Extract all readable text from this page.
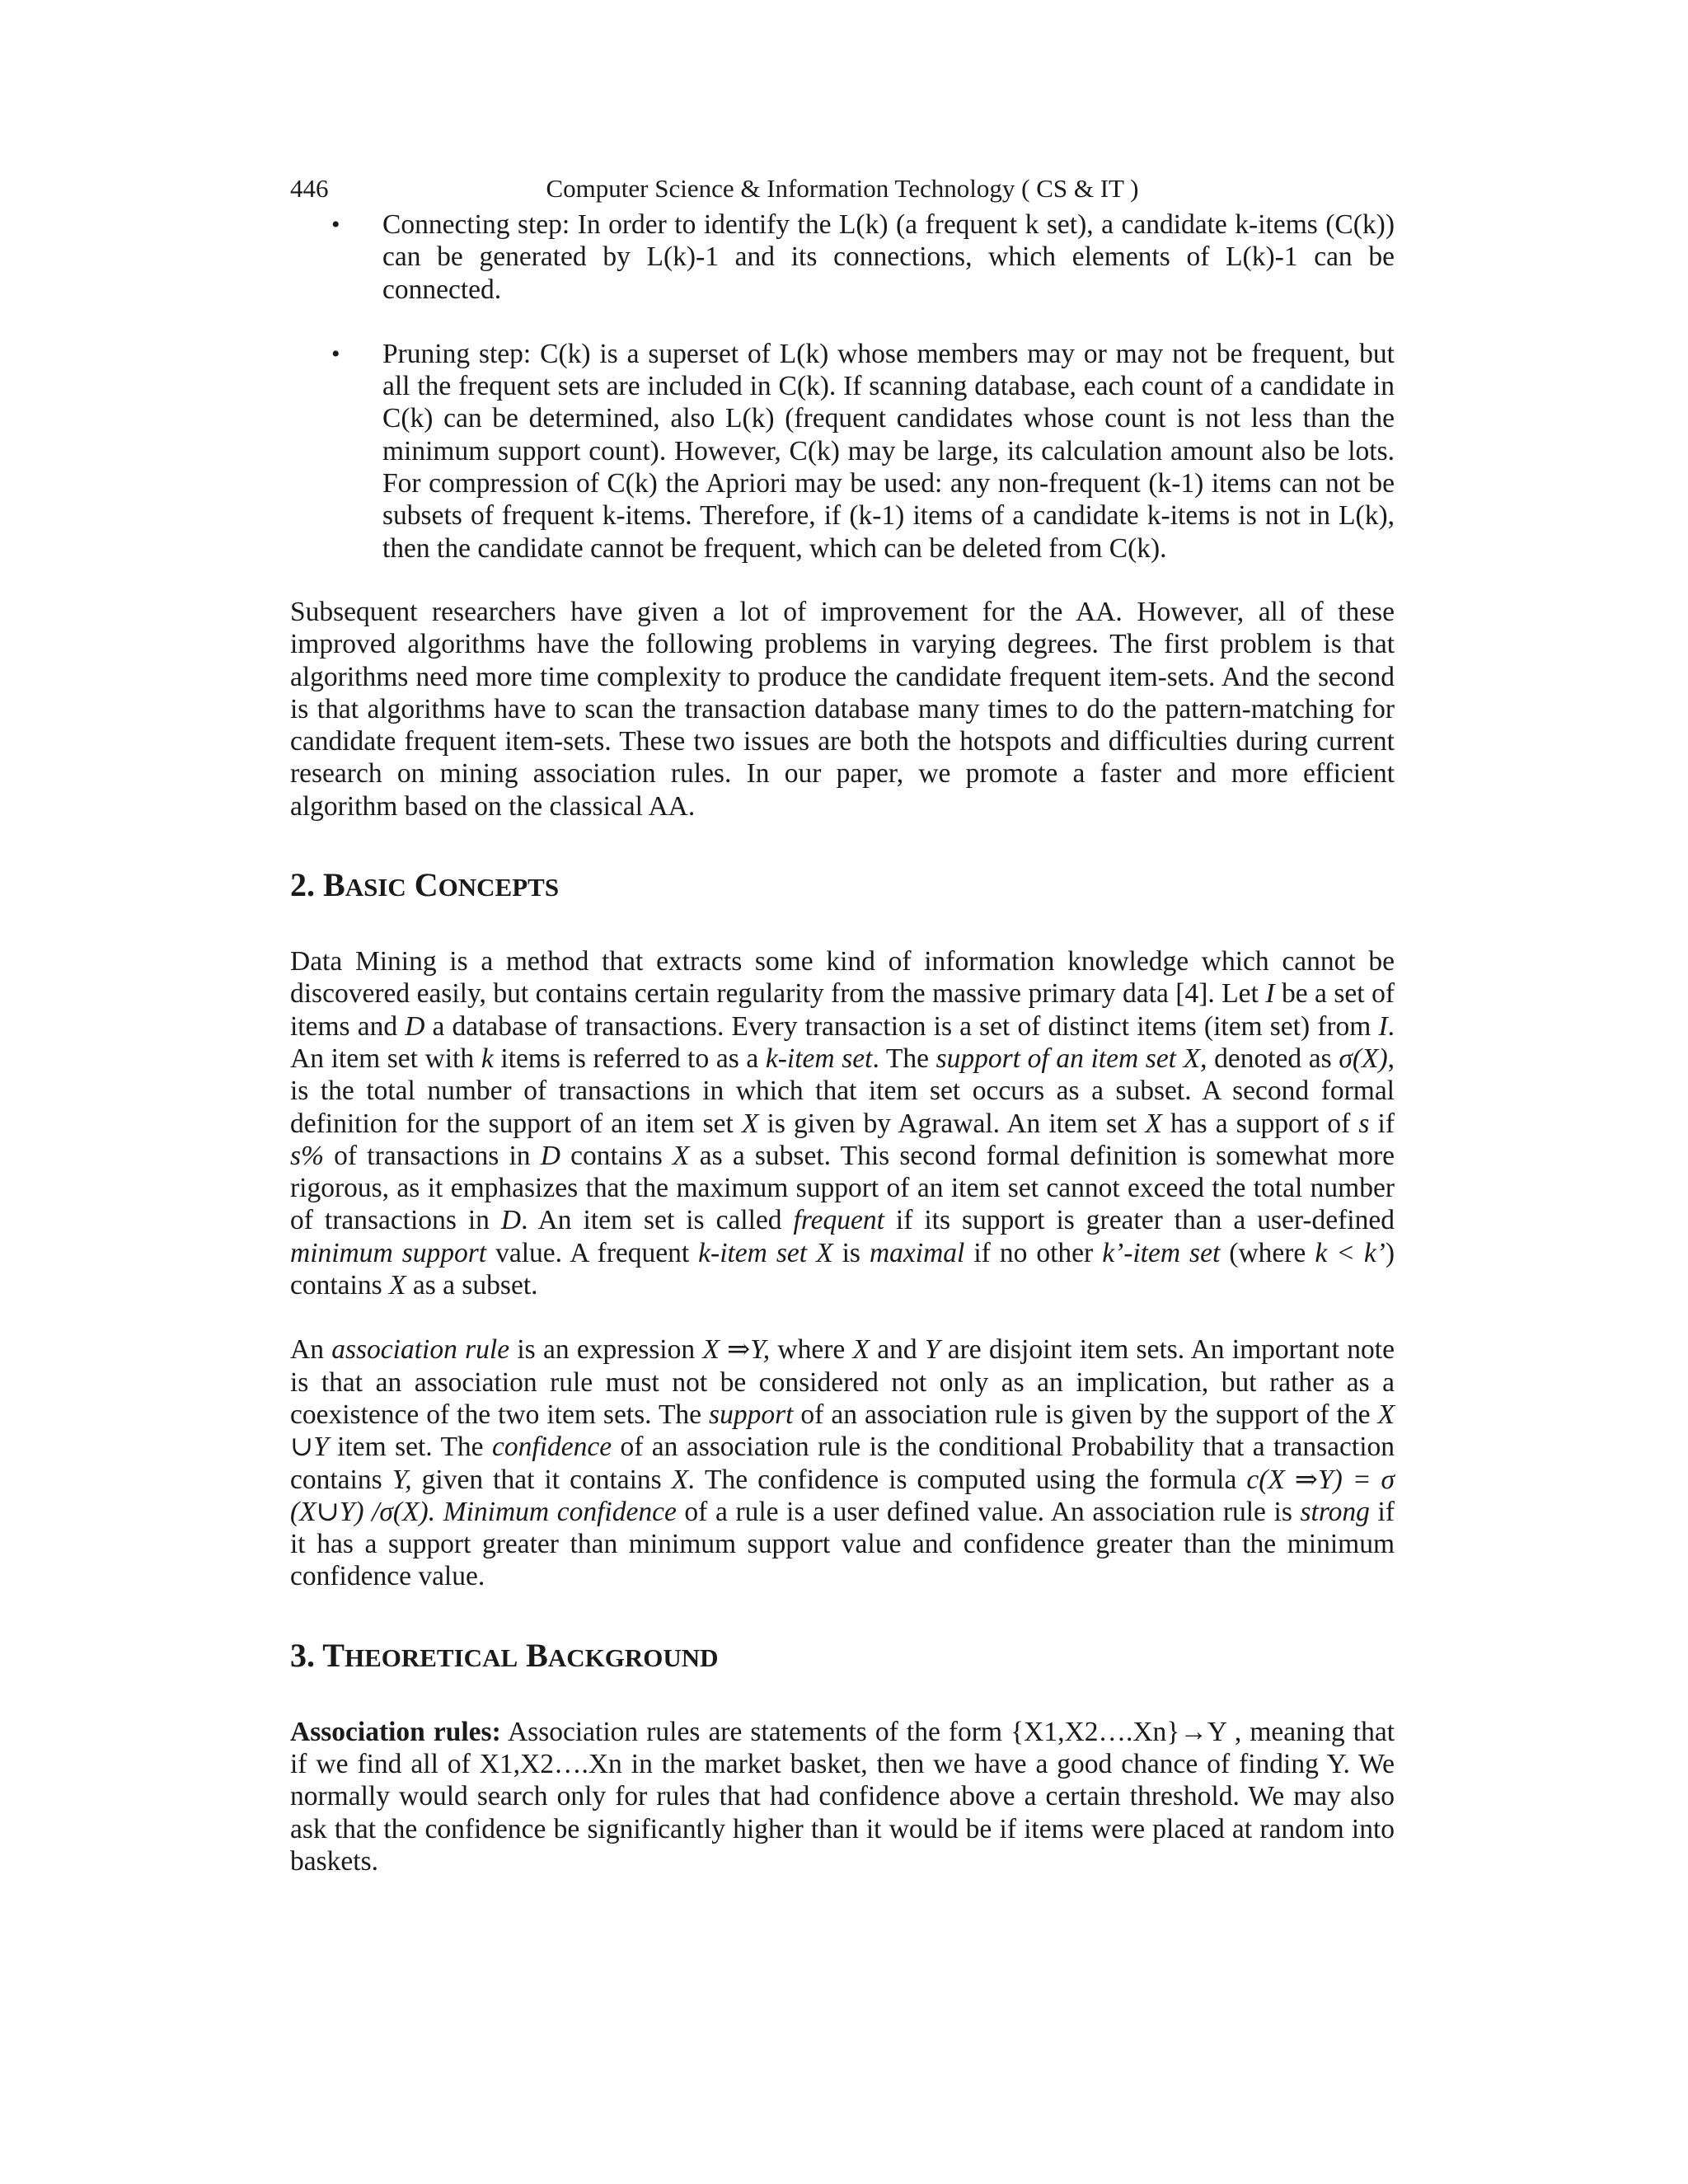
446	Computer Science & Information Technology ( CS & IT )
• Connecting step: In order to identify the L(k) (a frequent k set), a candidate k-items (C(k)) can be generated by L(k)-1 and its connections, which elements of L(k)-1 can be connected.
• Pruning step: C(k) is a superset of L(k) whose members may or may not be frequent, but all the frequent sets are included in C(k). If scanning database, each count of a candidate in C(k) can be determined, also L(k) (frequent candidates whose count is not less than the minimum support count). However, C(k) may be large, its calculation amount also be lots. For compression of C(k) the Apriori may be used: any non-frequent (k-1) items can not be subsets of frequent k-items. Therefore, if (k-1) items of a candidate k-items is not in L(k), then the candidate cannot be frequent, which can be deleted from C(k).

Subsequent researchers have given a lot of improvement for the AA. However, all of these improved algorithms have the following problems in varying degrees. The first problem is that algorithms need more time complexity to produce the candidate frequent item-sets. And the second is that algorithms have to scan the transaction database many times to do the pattern-matching for candidate frequent item-sets. These two issues are both the hotspots and difficulties during current research on mining association rules. In our paper, we promote a faster and more efficient algorithm based on the classical AA.

2. BASIC CONCEPTS

Data Mining is a method that extracts some kind of information knowledge which cannot be discovered easily, but contains certain regularity from the massive primary data [4]. Let I be a set of items and D a database of transactions. Every transaction is a set of distinct items (item set) from I. An item set with k items is referred to as a k-item set. The support of an item set X, denoted as σ(X), is the total number of transactions in which that item set occurs as a subset. A second formal definition for the support of an item set X is given by Agrawal. An item set X has a support of s if s% of transactions in D contains X as a subset. This second formal definition is somewhat more rigorous, as it emphasizes that the maximum support of an item set cannot exceed the total number of transactions in D. An item set is called frequent if its support is greater than a user-defined minimum support value. A frequent k-item set X is maximal if no other k’-item set (where k < k’) contains X as a subset.

An association rule is an expression X ⇒Y, where X and Y are disjoint item sets. An important note is that an association rule must not be considered not only as an implication, but rather as a coexistence of the two item sets. The support of an association rule is given by the support of the X ∪Y item set. The confidence of an association rule is the conditional Probability that a transaction contains Y, given that it contains X. The confidence is computed using the formula c(X ⇒Y) = σ (X∪Y) /σ(X). Minimum confidence of a rule is a user defined value. An association rule is strong if it has a support greater than minimum support value and confidence greater than the minimum confidence value.

3. THEORETICAL BACKGROUND

Association rules: Association rules are statements of the form {X1,X2….Xn}→Y , meaning that if we find all of X1,X2….Xn in the market basket, then we have a good chance of finding Y. We normally would search only for rules that had confidence above a certain threshold. We may also ask that the confidence be significantly higher than it would be if items were placed at random into baskets.
